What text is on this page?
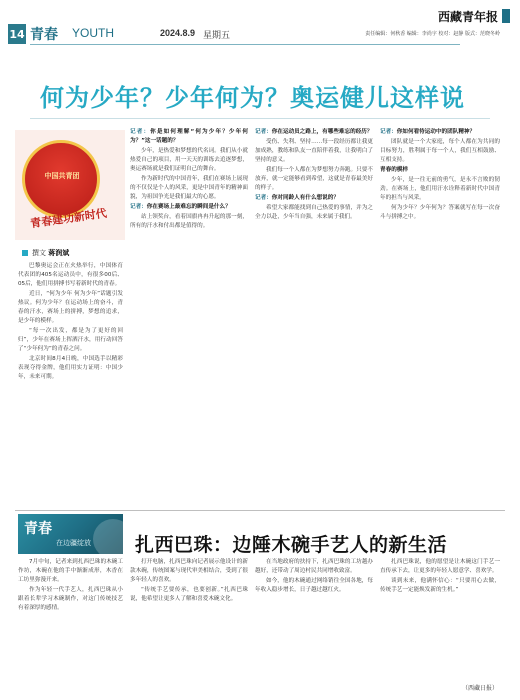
14 青春 YOUTH	2024.8.9 星期五
西藏青年报
责任编辑：何秋香 编辑：李尚宇 校对：赵静 版式：范晓冬岭
何为少年？少年何为？奥运健儿这样说
中国共青团
青春建功新时代
撰文 蒋润斌

巴黎奥运会正在火热举行，中国体育代表团的405名运动员中，有很多00后、05后，他们用拼搏书写着新时代的青春。

近日，“何为少年 何为少年”话题引发热议。何为少年？在运动场上的奋斗，青春的汗水，赛场上的拼搏，梦想的追求，是少年的模样。

“每一次出发，都是为了更好的回归”，少年在赛场上挥洒汗水，用行动回答了“少年何为”的青春之问。

北京时间8月4日晚，中国选手以精彩表现夺得金牌，他们用实力证明：中国少年，未来可期。

记者：你是如何理解“何为少年？少年何为？”这一话题的？

少年，是热爱和梦想的代名词。我们从小就热爱自己的项目，用一天天的训练去追逐梦想，奥运赛场就是我们证明自己的舞台。

作为新时代的中国青年，我们在赛场上展现的不仅仅是个人的风采，更是中国青年的精神面貌，为祖国争光是我们最大的心愿。

记者：你在赛场上最难忘的瞬间是什么？

站上领奖台，看着国旗冉冉升起的那一刻，所有的汗水和付出都是值得的。

记者：你在运动员之路上，有哪些难忘的经历？

受伤、失利、坚持……每一段经历都让我更加成熟，教练和队友一直陪伴着我，让我明白了坚持的意义。

我们每一个人都在为梦想努力奔跑。只要不放弃，就一定能够看到希望，这就是青春最美好的样子。

记者：你对同龄人有什么想说的？

希望大家都能找到自己热爱的事情，并为之全力以赴，少年当自强，未来属于我们。

记者：你如何看待运动中的团队精神？

团队就是一个大家庭，每个人都在为共同的目标努力，胜利属于每一个人，我们互相鼓励、互相支持。

青春的模样

少年，是一往无前的勇气，是永不言败的韧劲。在赛场上，他们用汗水诠释着新时代中国青年的担当与风采。

何为少年？少年何为？答案就写在每一次奋斗与拼搏之中。

青春
在边疆绽放 扎西巴珠：边陲木碗手艺人的新生活

7月中旬，记者来到扎西巴珠的木碗工作坊，木碗在他的手中渐渐成形，木香在工坊里弥漫开来。

作为年轻一代手艺人，扎西巴珠从小跟着长辈学习木碗制作，对这门传统技艺有着深厚的感情。

打开电脑，扎西巴珠向记者展示他设计的新款木碗，传统图案与现代审美相结合，受到了很多年轻人的喜欢。

“传统手艺要传承，也要创新。”扎西巴珠说，他希望让更多人了解和喜爱木碗文化。

在当地政府的扶持下，扎西巴珠的工坊越办越好，还带动了周边村民共同增收致富。

如今，他的木碗通过网络销往全国各地，每年收入稳步增长，日子越过越红火。

扎西巴珠说，他的愿望是让木碗这门手艺一直传承下去，让更多的年轻人愿意学、喜欢学。

谈到未来，他满怀信心：“只要用心去做，传统手艺一定能焕发新的生机。”

（西藏日报）
